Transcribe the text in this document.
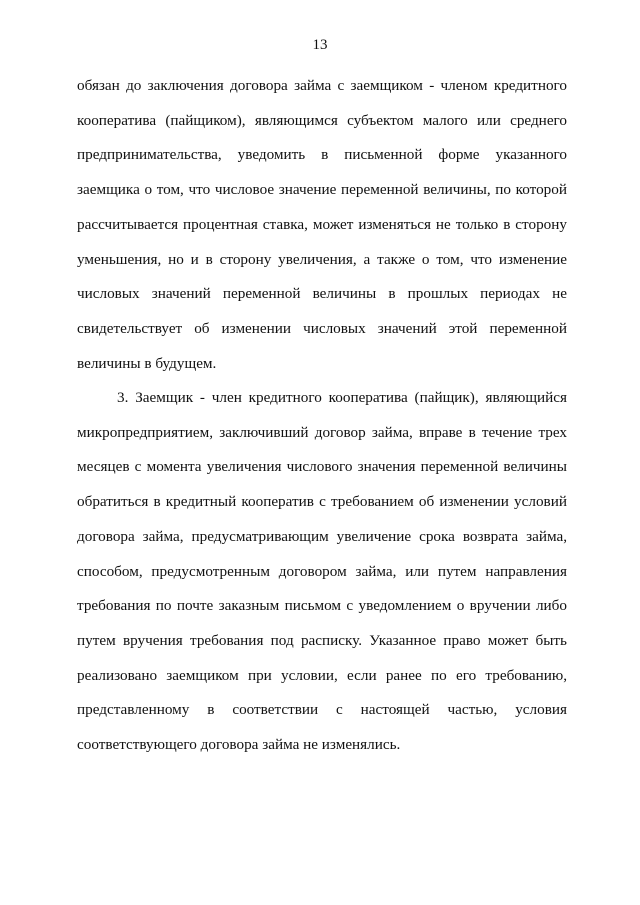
13
обязан до заключения договора займа с заемщиком - членом кредитного
кооператива (пайщиком), являющимся субъектом малого или среднего
предпринимательства, уведомить в письменной форме указанного
заемщика о том, что числовое значение переменной величины, по которой
рассчитывается процентная ставка, может изменяться не только в сторону
уменьшения, но и в сторону увеличения, а также о том, что изменение
числовых значений переменной величины в прошлых периодах не
свидетельствует об изменении числовых значений этой переменной
величины в будущем.
3. Заемщик - член кредитного кооператива (пайщик), являющийся
микропредприятием, заключивший договор займа, вправе в течение трех
месяцев с момента увеличения числового значения переменной величины
обратиться в кредитный кооператив с требованием об изменении условий
договора займа, предусматривающим увеличение срока возврата займа,
способом, предусмотренным договором займа, или путем направления
требования по почте заказным письмом с уведомлением о вручении либо
путем вручения требования под расписку. Указанное право может быть
реализовано заемщиком при условии, если ранее по его требованию,
представленному в соответствии с настоящей частью, условия
соответствующего договора займа не изменялись.
